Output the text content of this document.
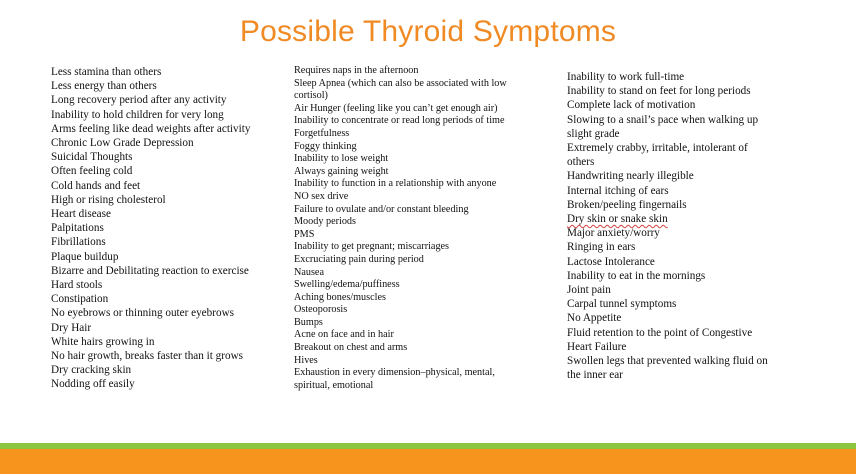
Possible Thyroid Symptoms
Less stamina than others
Less energy than others
Long recovery period after any activity
Inability to hold children for very long
Arms feeling like dead weights after activity
Chronic Low Grade Depression
Suicidal Thoughts
Often feeling cold
Cold hands and feet
High or rising cholesterol
Heart disease
Palpitations
Fibrillations
Plaque buildup
Bizarre and Debilitating reaction to exercise
Hard stools
Constipation
No eyebrows or thinning outer eyebrows
Dry Hair
White hairs growing in
No hair growth, breaks faster than it grows
Dry cracking skin
Nodding off easily
Requires naps in the afternoon
Sleep Apnea (which can also be associated with low cortisol)
Air Hunger (feeling like you can’t get enough air)
Inability to concentrate or read long periods of time
Forgetfulness
Foggy thinking
Inability to lose weight
Always gaining weight
Inability to function in a relationship with anyone
NO sex drive
Failure to ovulate and/or constant bleeding
Moody periods
PMS
Inability to get pregnant; miscarriages
Excruciating pain during period
Nausea
Swelling/edema/puffiness
Aching bones/muscles
Osteoporosis
Bumps
Acne on face and in hair
Breakout on chest and arms
Hives
Exhaustion in every dimension–physical, mental, spiritual, emotional
Inability to work full-time
Inability to stand on feet for long periods
Complete lack of motivation
Slowing to a snail’s pace when walking up slight grade
Extremely crabby, irritable, intolerant of others
Handwriting nearly illegible
Internal itching of ears
Broken/peeling fingernails
Dry skin or snake skin
Major anxiety/worry
Ringing in ears
Lactose Intolerance
Inability to eat in the mornings
Joint pain
Carpal tunnel symptoms
No Appetite
Fluid retention to the point of Congestive Heart Failure
Swollen legs that prevented walking fluid on the inner ear
